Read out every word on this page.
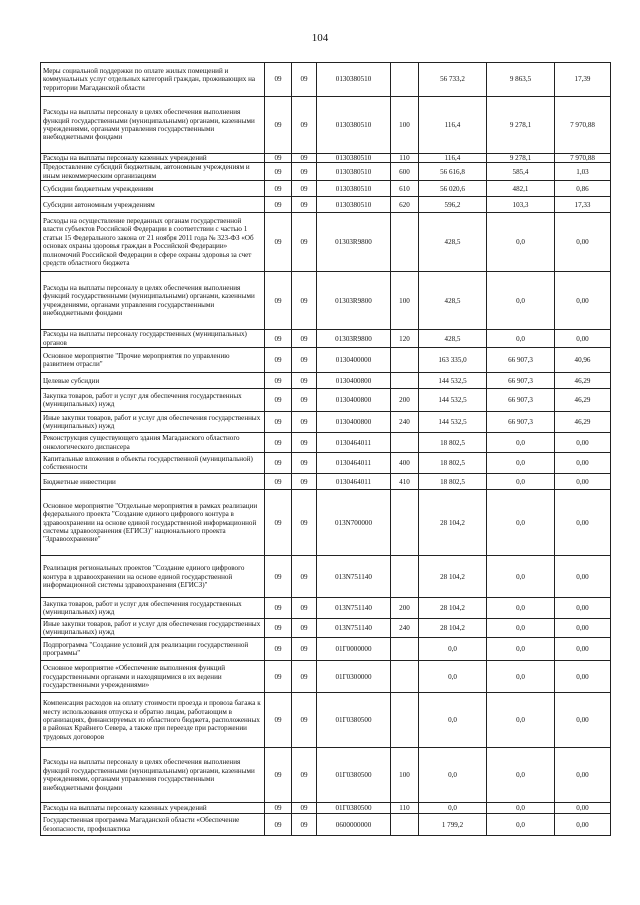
104
Меры социальной поддержки по оплате жилых помещений и коммунальных услуг отдельных категорий граждан, проживающих на территории Магаданской области	09	09	0130380510		56 733,2	9 863,5	17,39
Расходы на выплаты персоналу в целях обеспечения выполнения функций государственными (муниципальными) органами, казенными учреждениями, органами управления государственными внебюджетными фондами	09	09	0130380510	100	116,4	9 278,1	7 970,88
Расходы на выплаты персоналу казенных учреждений	09	09	0130380510	110	116,4	9 278,1	7 970,88
Предоставление субсидий бюджетным, автономным учреждениям и иным некоммерческим организациям	09	09	0130380510	600	56 616,8	585,4	1,03
Субсидии бюджетным учреждениям	09	09	0130380510	610	56 020,6	482,1	0,86
Субсидии автономным учреждениям	09	09	0130380510	620	596,2	103,3	17,33
Расходы на осуществление переданных органам государственной власти субъектов Российской Федерации в соответствии с частью 1 статьи 15 Федерального закона от 21 ноября 2011 года № 323-ФЗ «Об основах охраны здоровья граждан в Российской Федерации» полномочий Российской Федерации в сфере охраны здоровья за счет средств областного бюджета	09	09	01303R9800		428,5	0,0	0,00
Расходы на выплаты персоналу в целях обеспечения выполнения функций государственными (муниципальными) органами, казенными учреждениями, органами управления государственными внебюджетными фондами	09	09	01303R9800	100	428,5	0,0	0,00
Расходы на выплаты персоналу государственных (муниципальных) органов	09	09	01303R9800	120	428,5	0,0	0,00
Основное мероприятие "Прочие мероприятия по управлению развитием отрасли"	09	09	0130400000		163 335,0	66 907,3	40,96
Целевые субсидии	09	09	0130400800		144 532,5	66 907,3	46,29
Закупка товаров, работ и услуг для обеспечения государственных (муниципальных) нужд	09	09	0130400800	200	144 532,5	66 907,3	46,29
Иные закупки товаров, работ и услуг для обеспечения государственных (муниципальных) нужд	09	09	0130400800	240	144 532,5	66 907,3	46,29
Реконструкция существующего здания Магаданского областного онкологического диспансера	09	09	0130464011		18 802,5	0,0	0,00
Капитальные вложения в объекты государственной (муниципальной) собственности	09	09	0130464011	400	18 802,5	0,0	0,00
Бюджетные инвестиции	09	09	0130464011	410	18 802,5	0,0	0,00
Основное мероприятие "Отдельные мероприятия в рамках реализации федерального проекта "Создание единого цифрового контура в здравоохранении на основе единой государственной информационной системы здравоохранения (ЕГИСЗ)" национального проекта "Здравоохранение"	09	09	013N700000		28 104,2	0,0	0,00
Реализация региональных проектов "Создание единого цифрового контура в здравоохранении на основе единой государственной информационной системы здравоохранения (ЕГИСЗ)"	09	09	013N751140		28 104,2	0,0	0,00
Закупка товаров, работ и услуг для обеспечения государственных (муниципальных) нужд	09	09	013N751140	200	28 104,2	0,0	0,00
Иные закупки товаров, работ и услуг для обеспечения государственных (муниципальных) нужд	09	09	013N751140	240	28 104,2	0,0	0,00
Подпрограмма "Создание условий для реализации государственной программы"	09	09	01Г0000000		0,0	0,0	0,00
Основное мероприятие «Обеспечение выполнения функций государственными органами и находящимися в их ведении государственными учреждениями»	09	09	01Г0300000		0,0	0,0	0,00
Компенсация расходов на оплату стоимости проезда и провоза багажа к месту использования отпуска и обратно лицам, работающим в организациях, финансируемых из областного бюджета, расположенных в районах Крайнего Севера, а также при переезде при расторжении трудовых договоров	09	09	01Г0380500		0,0	0,0	0,00
Расходы на выплаты персоналу в целях обеспечения выполнения функций государственными (муниципальными) органами, казенными учреждениями, органами управления государственными внебюджетными фондами	09	09	01Г0380500	100	0,0	0,0	0,00
Расходы на выплаты персоналу казенных учреждений	09	09	01Г0380500	110	0,0	0,0	0,00
Государственная программа Магаданской области «Обеспечение безопасности, профилактика	09	09	0600000000		1 799,2	0,0	0,00
